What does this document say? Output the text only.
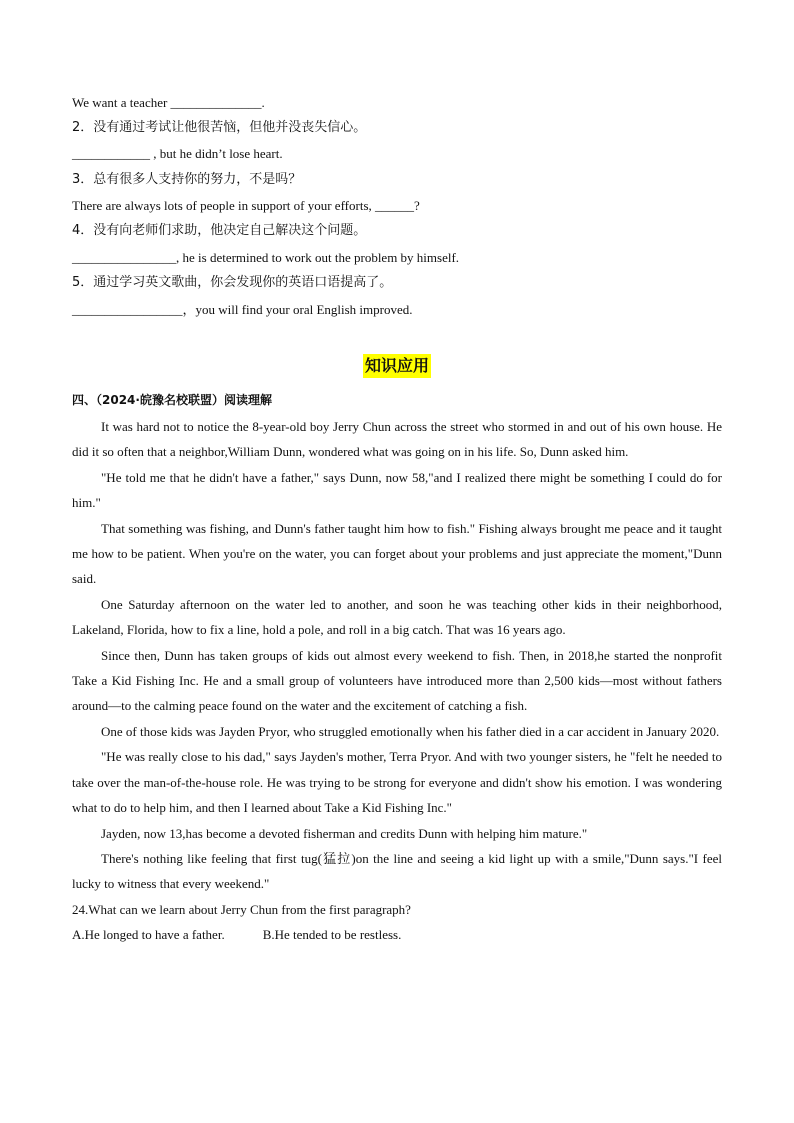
We want a teacher ______________.
2．没有通过考试让他很苦恼，但他并没丧失信心。
____________ , but he didn’t lose heart.
3．总有很多人支持你的努力，不是吗？
There are always lots of people in support of your efforts, ______?
4．没有向老师们求助，他决定自己解决这个问题。
________________, he is determined to work out the problem by himself.
5．通过学习英文歌曲，你会发现你的英语口语提高了。
_________________，you will find your oral English improved.
知识应用
四、（2024·皖豫名校联盟）阅读理解
It was hard not to notice the 8-year-old boy Jerry Chun across the street who stormed in and out of his own house. He did it so often that a neighbor,William Dunn, wondered what was going on in his life. So, Dunn asked him.
"He told me that he didn't have a father," says Dunn, now 58,"and I realized there might be something I could do for him."
That something was fishing, and Dunn's father taught him how to fish." Fishing always brought me peace and it taught me how to be patient. When you're on the water, you can forget about your problems and just appreciate the moment,"Dunn said.
One Saturday afternoon on the water led to another, and soon he was teaching other kids in their neighborhood, Lakeland, Florida, how to fix a line, hold a pole, and roll in a big catch. That was 16 years ago.
Since then, Dunn has taken groups of kids out almost every weekend to fish. Then, in 2018,he started the nonprofit Take a Kid Fishing Inc. He and a small group of volunteers have introduced more than 2,500 kids—most without fathers around—to the calming peace found on the water and the excitement of catching a fish.
One of those kids was Jayden Pryor, who struggled emotionally when his father died in a car accident in January 2020.
"He was really close to his dad," says Jayden's mother, Terra Pryor. And with two younger sisters, he "felt he needed to take over the man-of-the-house role. He was trying to be strong for everyone and didn't show his emotion. I was wondering what to do to help him, and then I learned about Take a Kid Fishing Inc."
Jayden, now 13,has become a devoted fisherman and credits Dunn with helping him mature."
There's nothing like feeling that first tug(猛拉)on the line and seeing a kid light up with a smile,"Dunn says."I feel lucky to witness that every weekend."
24.What can we learn about Jerry Chun from the first paragraph?
A.He longed to have a father.	B.He tended to be restless.
